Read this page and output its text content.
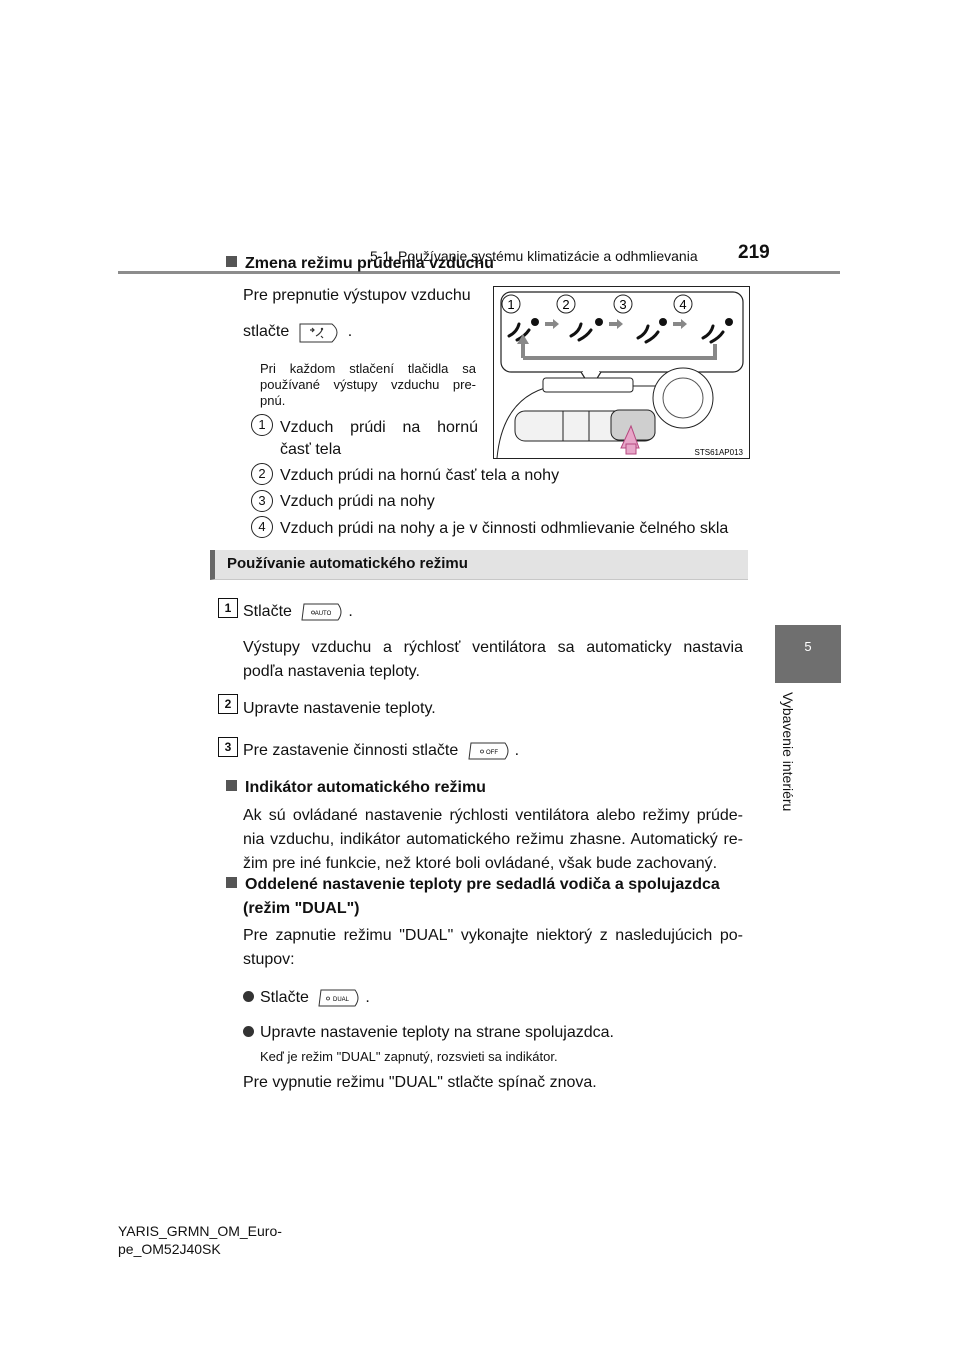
5-1. Používanie systému klimatizácie a odhmlievania 219
5
Vybavenie interiéru
Zmena režimu prúdenia vzduchu
Pre prepnutie výstupov vzduchu
stlačte	.
Pri každom stlačení tlačidla sa
používané výstupy vzduchu pre-
pnú.
1	2	3	4
STS61AP013
1 Vzduch prúdi na hornú
časť tela
2 Vzduch prúdi na hornú časť tela a nohy
3 Vzduch prúdi na nohy
4 Vzduch prúdi na nohy a je v činnosti odhmlievanie čelného skla
Používanie automatického režimu
1 Stlačte	AUTO .
Výstupy vzduchu a rýchlosť ventilátora sa automaticky nastavia
podľa nastavenia teploty.
2 Upravte nastavenie teploty.
3 Pre zastavenie činnosti stlačte	OFF .
Indikátor automatického režimu
Ak sú ovládané nastavenie rýchlosti ventilátora alebo režimy prúde-
nia vzduchu, indikátor automatického režimu zhasne. Automatický re-
žim pre iné funkcie, než ktoré boli ovládané, však bude zachovaný.
Oddelené nastavenie teploty pre sedadlá vodiča a spolujazdca
(režim "DUAL")
Pre zapnutie režimu "DUAL" vykonajte niektorý z nasledujúcich po-
stupov:
Stlačte	DUAL .
Upravte nastavenie teploty na strane spolujazdca.
Keď je režim "DUAL" zapnutý, rozsvieti sa indikátor.
Pre vypnutie režimu "DUAL" stlačte spínač znova.
YARIS_GRMN_OM_Euro-
pe_OM52J40SK
